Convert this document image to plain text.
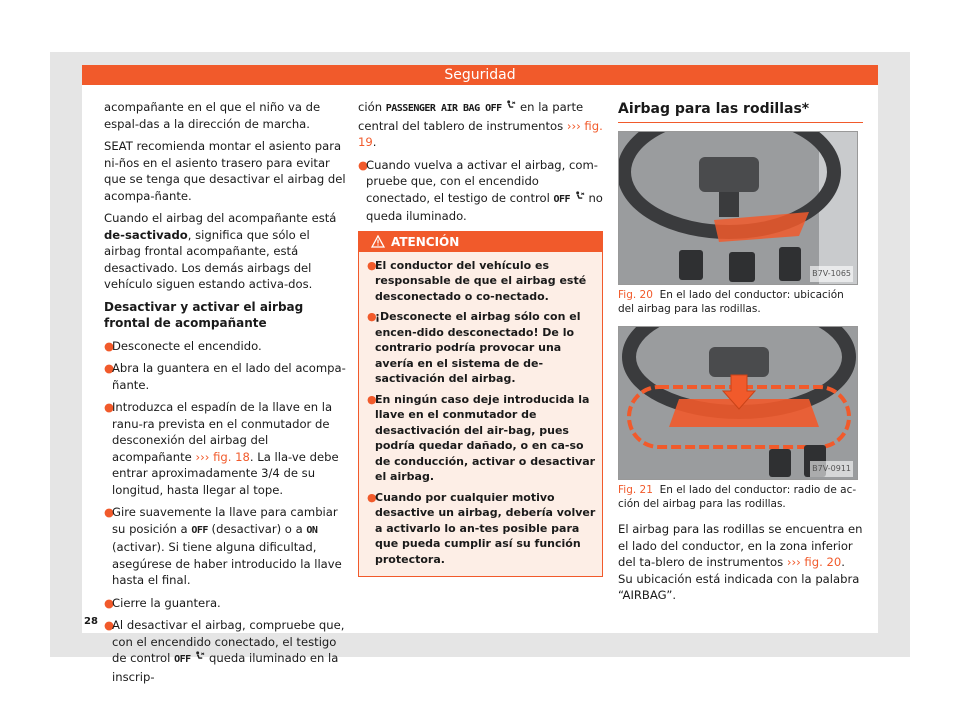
Seguridad

acompañante en el que el niño va de espal-das a la dirección de marcha.

SEAT recomienda montar el asiento para ni-ños en el asiento trasero para evitar que se tenga que desactivar el airbag del acompa-ñante.

Cuando el airbag del acompañante está de-sactivado, significa que sólo el airbag frontal acompañante, está desactivado. Los demás airbags del vehículo siguen estando activa-dos.

Desactivar y activar el airbag frontal de acompañante
●
Desconecte el encendido.
●
Abra la guantera en el lado del acompa-ñante.
●
Introduzca el espadín de la llave en la ranu-ra prevista en el conmutador de desconexión del airbag del acompañante ››› fig. 18. La lla-ve debe entrar aproximadamente 3/4 de su longitud, hasta llegar al tope.
●
Gire suavemente la llave para cambiar su posición a OFF (desactivar) o a ON (activar). Si tiene alguna dificultad, asegúrese de haber introducido la llave hasta el final.
●
Cierre la guantera.
●
Al desactivar el airbag, compruebe que, con el encendido conectado, el testigo de control OFF  queda iluminado en la inscrip-

ción PASSENGER AIR BAG OFF  en la parte central del tablero de instrumentos ››› fig. 19.

●
Cuando vuelva a activar el airbag, com-pruebe que, con el encendido conectado, el testigo de control OFF  no queda iluminado.
ATENCIÓN
●
El conductor del vehículo es responsable de que el airbag esté desconectado o co-nectado.
●
¡Desconecte el airbag sólo con el encen-dido desconectado! De lo contrario podría provocar una avería en el sistema de de-sactivación del airbag.
●
En ningún caso deje introducida la llave en el conmutador de desactivación del air-bag, pues podría quedar dañado, o en ca-so de conducción, activar o desactivar el airbag.
●
Cuando por cualquier motivo desactive un airbag, debería volver a activarlo lo an-tes posible para que pueda cumplir así su función protectora.
Airbag para las rodillas*
B7V-1065
Fig. 20 En el lado del conductor: ubicación del airbag para las rodillas.
B7V-0911
Fig. 21 En el lado del conductor: radio de ac-ción del airbag para las rodillas.

El airbag para las rodillas se encuentra en el lado del conductor, en la zona inferior del ta-blero de instrumentos ››› fig. 20. Su ubicación está indicada con la palabra “AIRBAG”.

28
